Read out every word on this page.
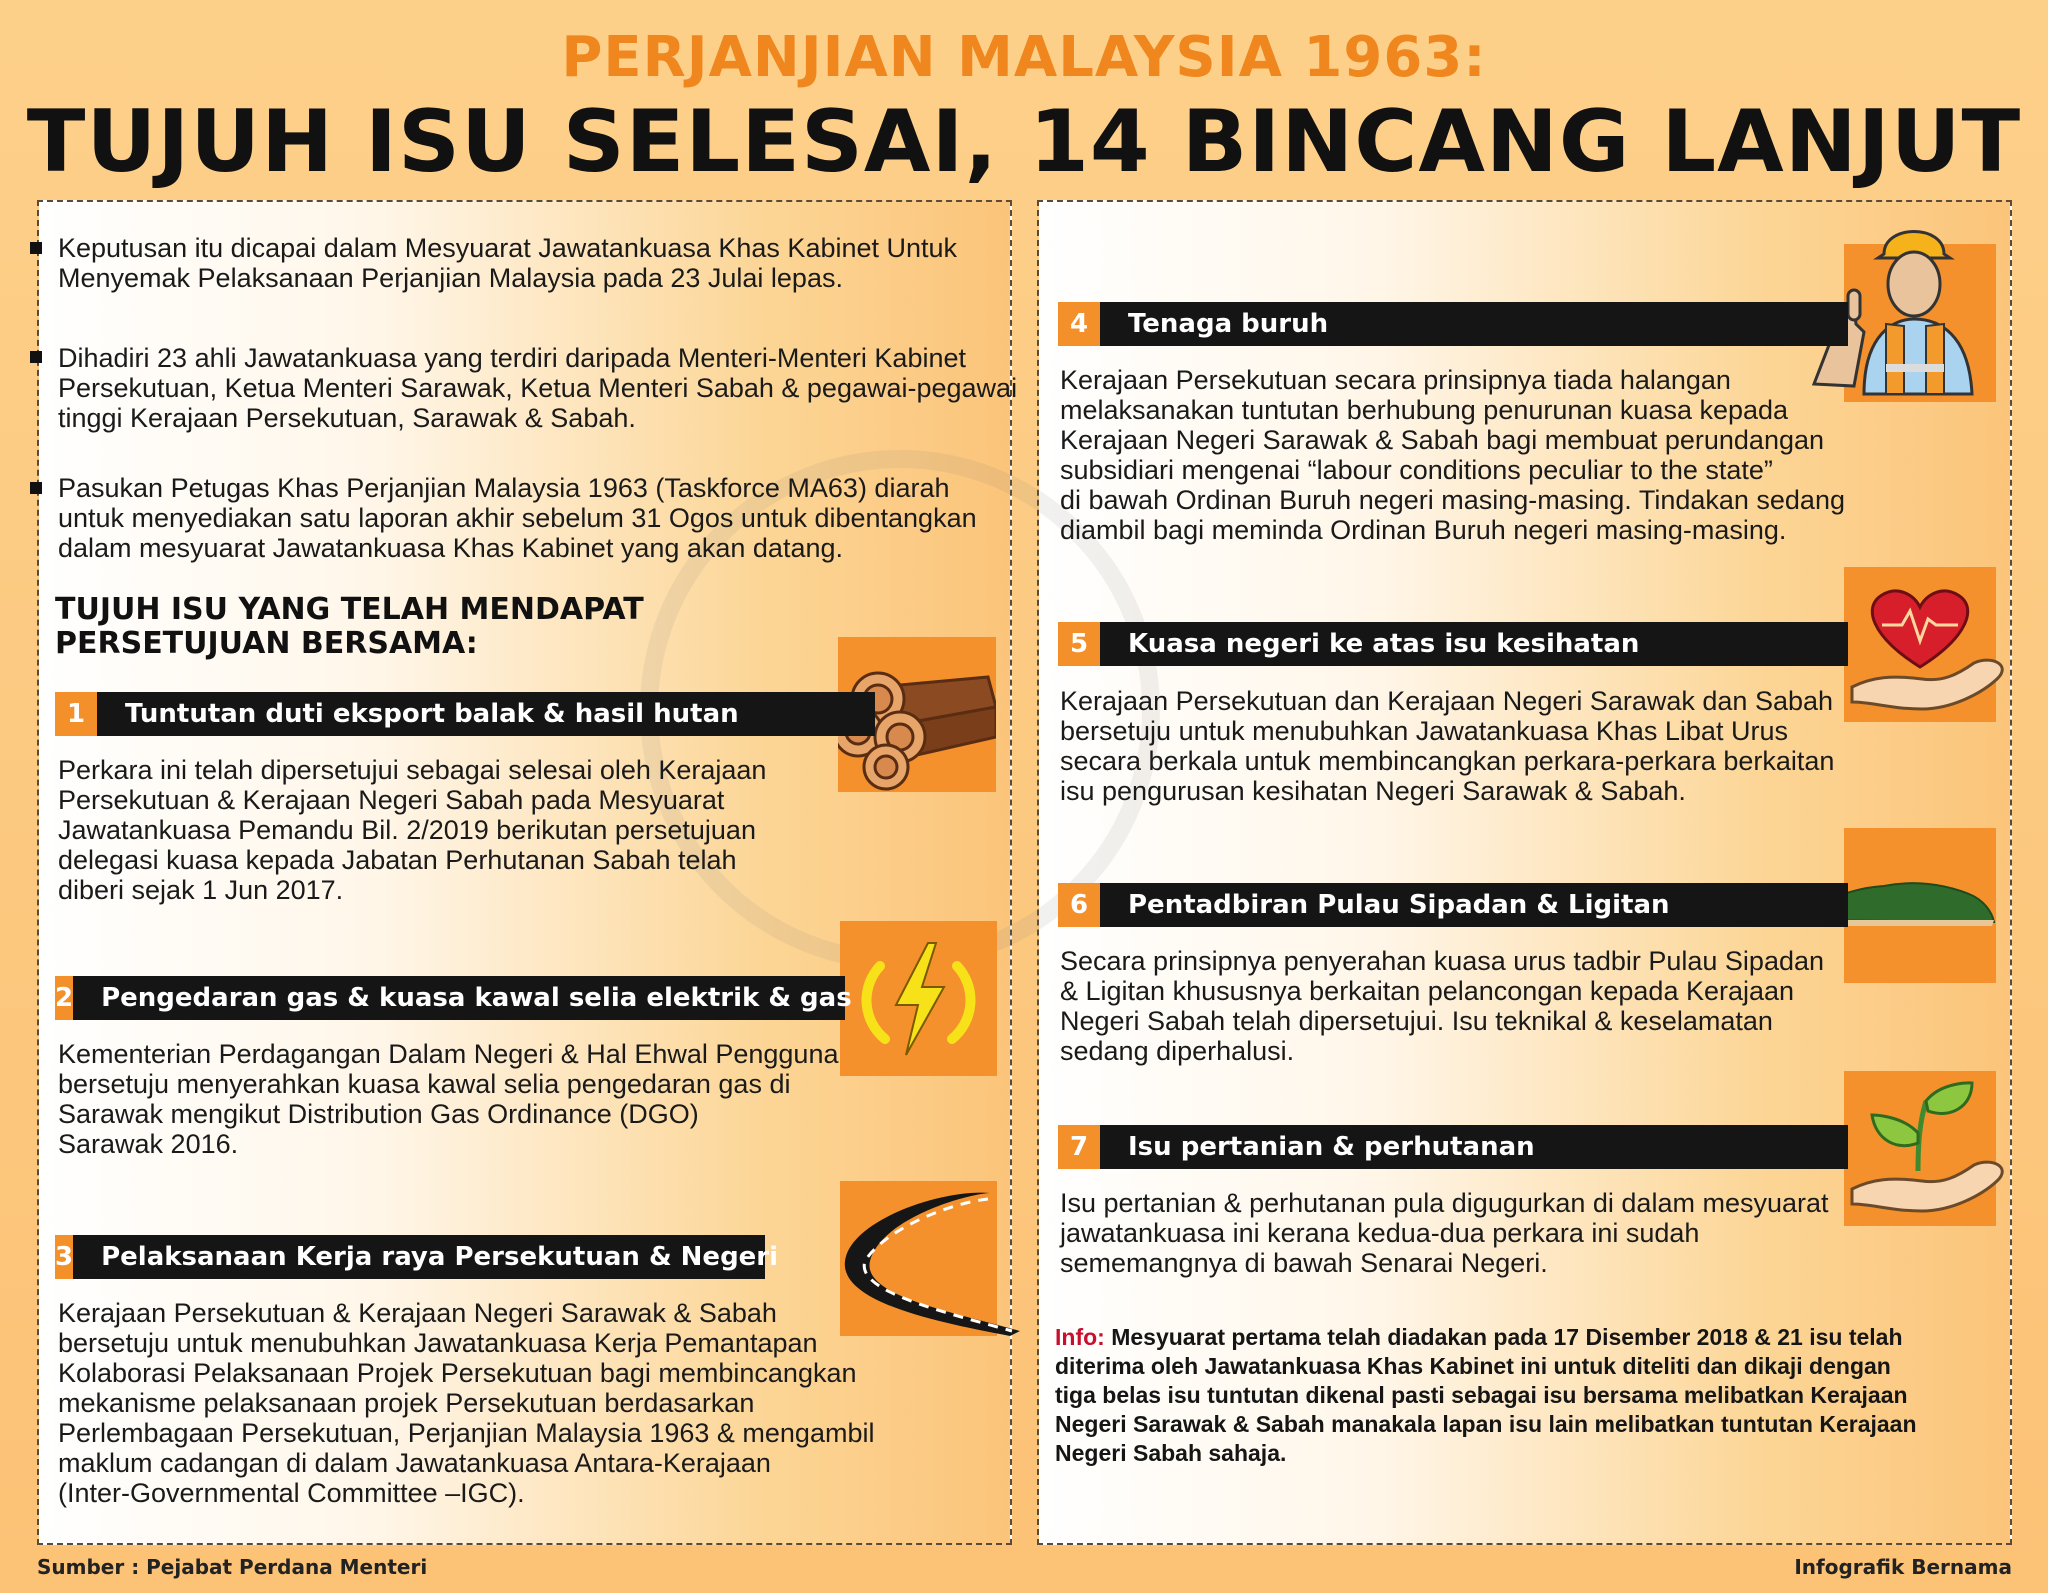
PERJANJIAN MALAYSIA 1963:
TUJUH ISU SELESAI, 14 BINCANG LANJUT
Keputusan itu dicapai dalam Mesyuarat Jawatankuasa Khas Kabinet Untuk Menyemak Pelaksanaan Perjanjian Malaysia pada 23 Julai lepas.
Dihadiri 23 ahli Jawatankuasa yang terdiri daripada Menteri-Menteri Kabinet Persekutuan, Ketua Menteri Sarawak, Ketua Menteri Sabah & pegawai-pegawai tinggi Kerajaan Persekutuan, Sarawak & Sabah.
Pasukan Petugas Khas Perjanjian Malaysia 1963 (Taskforce MA63) diarah untuk menyediakan satu laporan akhir sebelum 31 Ogos untuk dibentangkan dalam mesyuarat Jawatankuasa Khas Kabinet yang akan datang.
TUJUH ISU YANG TELAH MENDAPAT
PERSETUJUAN BERSAMA:
1	Tuntutan duti eksport balak & hasil hutan
Perkara ini telah dipersetujui sebagai selesai oleh Kerajaan
Persekutuan & Kerajaan Negeri Sabah pada Mesyuarat
Jawatankuasa Pemandu Bil. 2/2019 berikutan persetujuan
delegasi kuasa kepada Jabatan Perhutanan Sabah telah
diberi sejak 1 Jun 2017.
2	Pengedaran gas & kuasa kawal selia elektrik & gas
Kementerian Perdagangan Dalam Negeri & Hal Ehwal Pengguna
bersetuju menyerahkan kuasa kawal selia pengedaran gas di
Sarawak mengikut Distribution Gas Ordinance (DGO)
Sarawak 2016.
3	Pelaksanaan Kerja raya Persekutuan & Negeri
Kerajaan Persekutuan & Kerajaan Negeri Sarawak & Sabah
bersetuju untuk menubuhkan Jawatankuasa Kerja Pemantapan
Kolaborasi Pelaksanaan Projek Persekutuan bagi membincangkan
mekanisme pelaksanaan projek Persekutuan berdasarkan
Perlembagaan Persekutuan, Perjanjian Malaysia 1963 & mengambil
maklum cadangan di dalam Jawatankuasa Antara-Kerajaan
(Inter-Governmental Committee –IGC).
4	Tenaga buruh
Kerajaan Persekutuan secara prinsipnya tiada halangan
melaksanakan tuntutan berhubung penurunan kuasa kepada
Kerajaan Negeri Sarawak & Sabah bagi membuat perundangan
subsidiari mengenai “labour conditions peculiar to the state”
di bawah Ordinan Buruh negeri masing-masing. Tindakan sedang
diambil bagi meminda Ordinan Buruh negeri masing-masing.
5	Kuasa negeri ke atas isu kesihatan
Kerajaan Persekutuan dan Kerajaan Negeri Sarawak dan Sabah
bersetuju untuk menubuhkan Jawatankuasa Khas Libat Urus
secara berkala untuk membincangkan perkara-perkara berkaitan
isu pengurusan kesihatan Negeri Sarawak & Sabah.
6	Pentadbiran Pulau Sipadan & Ligitan
Secara prinsipnya penyerahan kuasa urus tadbir Pulau Sipadan
& Ligitan khususnya berkaitan pelancongan kepada Kerajaan
Negeri Sabah telah dipersetujui. Isu teknikal & keselamatan
sedang diperhalusi.
7	Isu pertanian & perhutanan
Isu pertanian & perhutanan pula digugurkan di dalam mesyuarat
jawatankuasa ini kerana kedua-dua perkara ini sudah
sememangnya di bawah Senarai Negeri.
Info: Mesyuarat pertama telah diadakan pada 17 Disember 2018 & 21 isu telah
diterima oleh Jawatankuasa Khas Kabinet ini untuk diteliti dan dikaji dengan
tiga belas isu tuntutan dikenal pasti sebagai isu bersama melibatkan Kerajaan
Negeri Sarawak & Sabah manakala lapan isu lain melibatkan tuntutan Kerajaan
Negeri Sabah sahaja.
Sumber : Pejabat Perdana Menteri	Infografik Bernama
